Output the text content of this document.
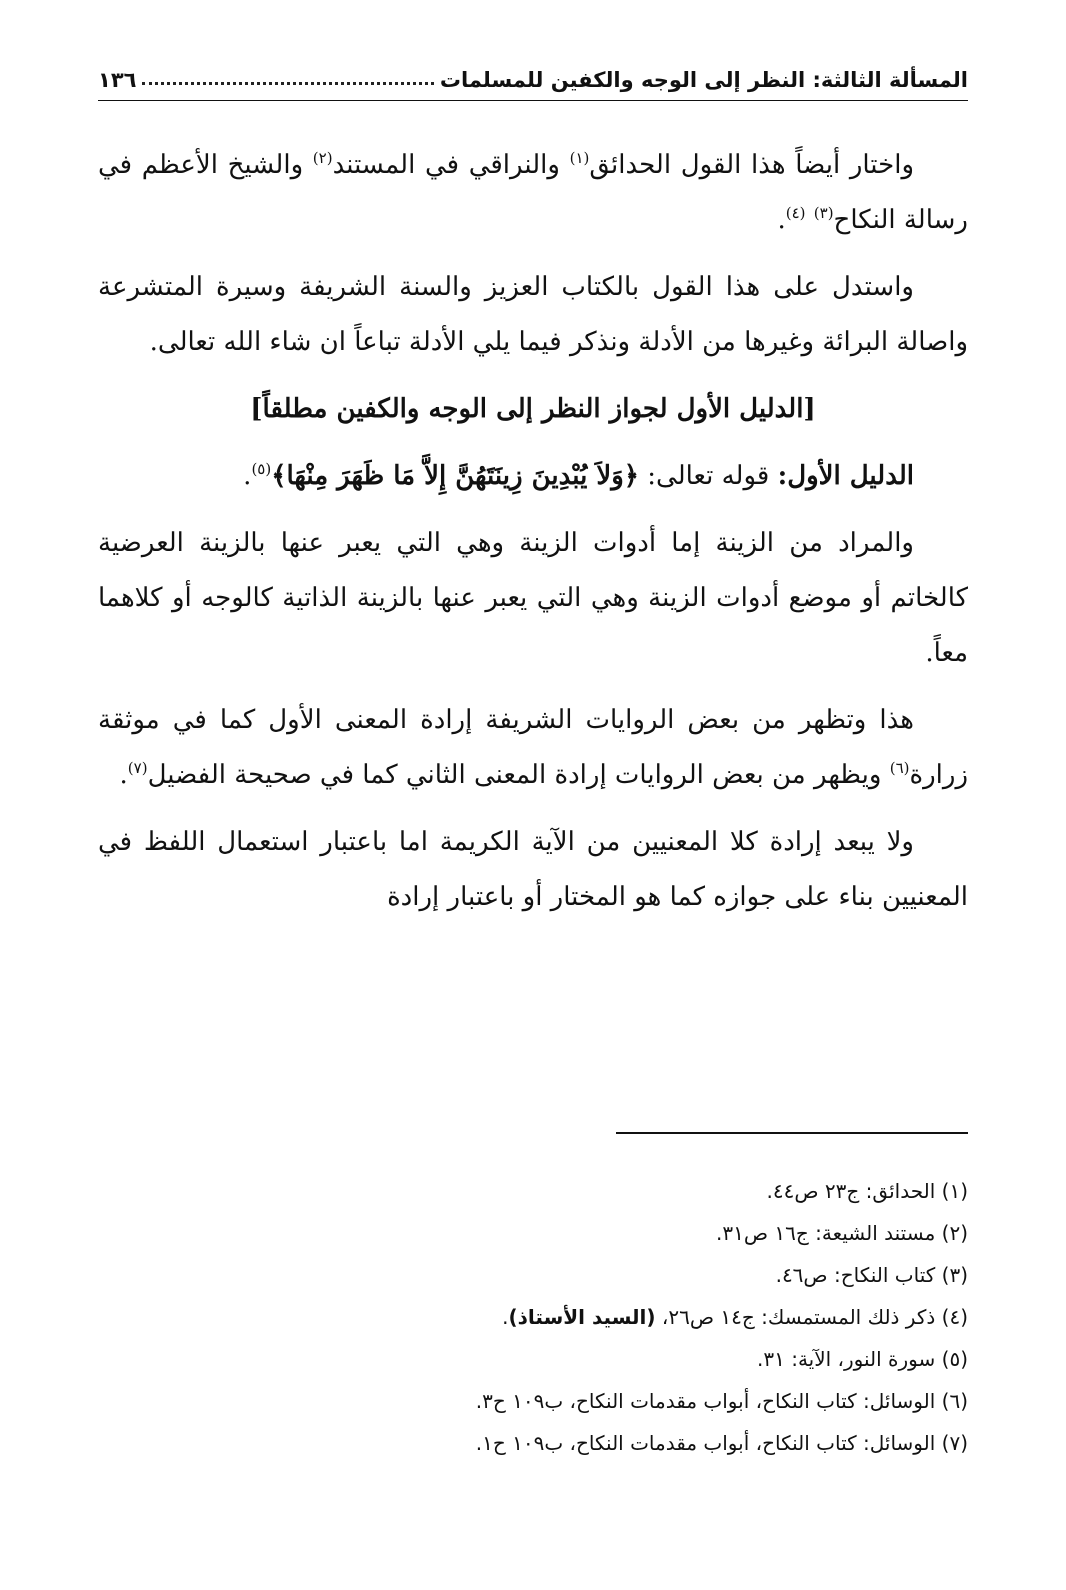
المسألة الثالثة: النظر إلى الوجه والكفين للمسلمات
١٣٦

واختار أيضاً هذا القول الحدائق$^{(١)}$ والنراقي في المستند$^{(٢)}$ والشيخ الأعظم في رسالة النكاح$^{(٣)}$ $^{(٤)}$.

واستدل على هذا القول بالكتاب العزيز والسنة الشريفة وسيرة المتشرعة واصالة البرائة وغيرها من الأدلة ونذكر فيما يلي الأدلة تباعاً ان شاء الله تعالى.

[الدليل الأول لجواز النظر إلى الوجه والكفين مطلقاً]

الدليل الأول: قوله تعالى: ﴿وَلاَ يُبْدِينَ زِينَتَهُنَّ إِلاَّ مَا ظَهَرَ مِنْهَا﴾$^{(٥)}$.

والمراد من الزينة إما أدوات الزينة وهي التي يعبر عنها بالزينة العرضية كالخاتم أو موضع أدوات الزينة وهي التي يعبر عنها بالزينة الذاتية كالوجه أو كلاهما معاً.

هذا وتظهر من بعض الروايات الشريفة إرادة المعنى الأول كما في موثقة زرارة$^{(٦)}$ ويظهر من بعض الروايات إرادة المعنى الثاني كما في صحيحة الفضيل$^{(٧)}$.

ولا يبعد إرادة كلا المعنيين من الآية الكريمة اما باعتبار استعمال اللفظ في المعنيين بناء على جوازه كما هو المختار أو باعتبار إرادة

(١) الحدائق: ج٢٣ ص٤٤.
(٢) مستند الشيعة: ج١٦ ص٣١.
(٣) كتاب النكاح: ص٤٦.
(٤) ذكر ذلك المستمسك: ج١٤ ص٢٦، (السيد الأستاذ).
(٥) سورة النور، الآية: ٣١.
(٦) الوسائل: كتاب النكاح، أبواب مقدمات النكاح، ب١٠٩ ح٣.
(٧) الوسائل: كتاب النكاح، أبواب مقدمات النكاح، ب١٠٩ ح١.
